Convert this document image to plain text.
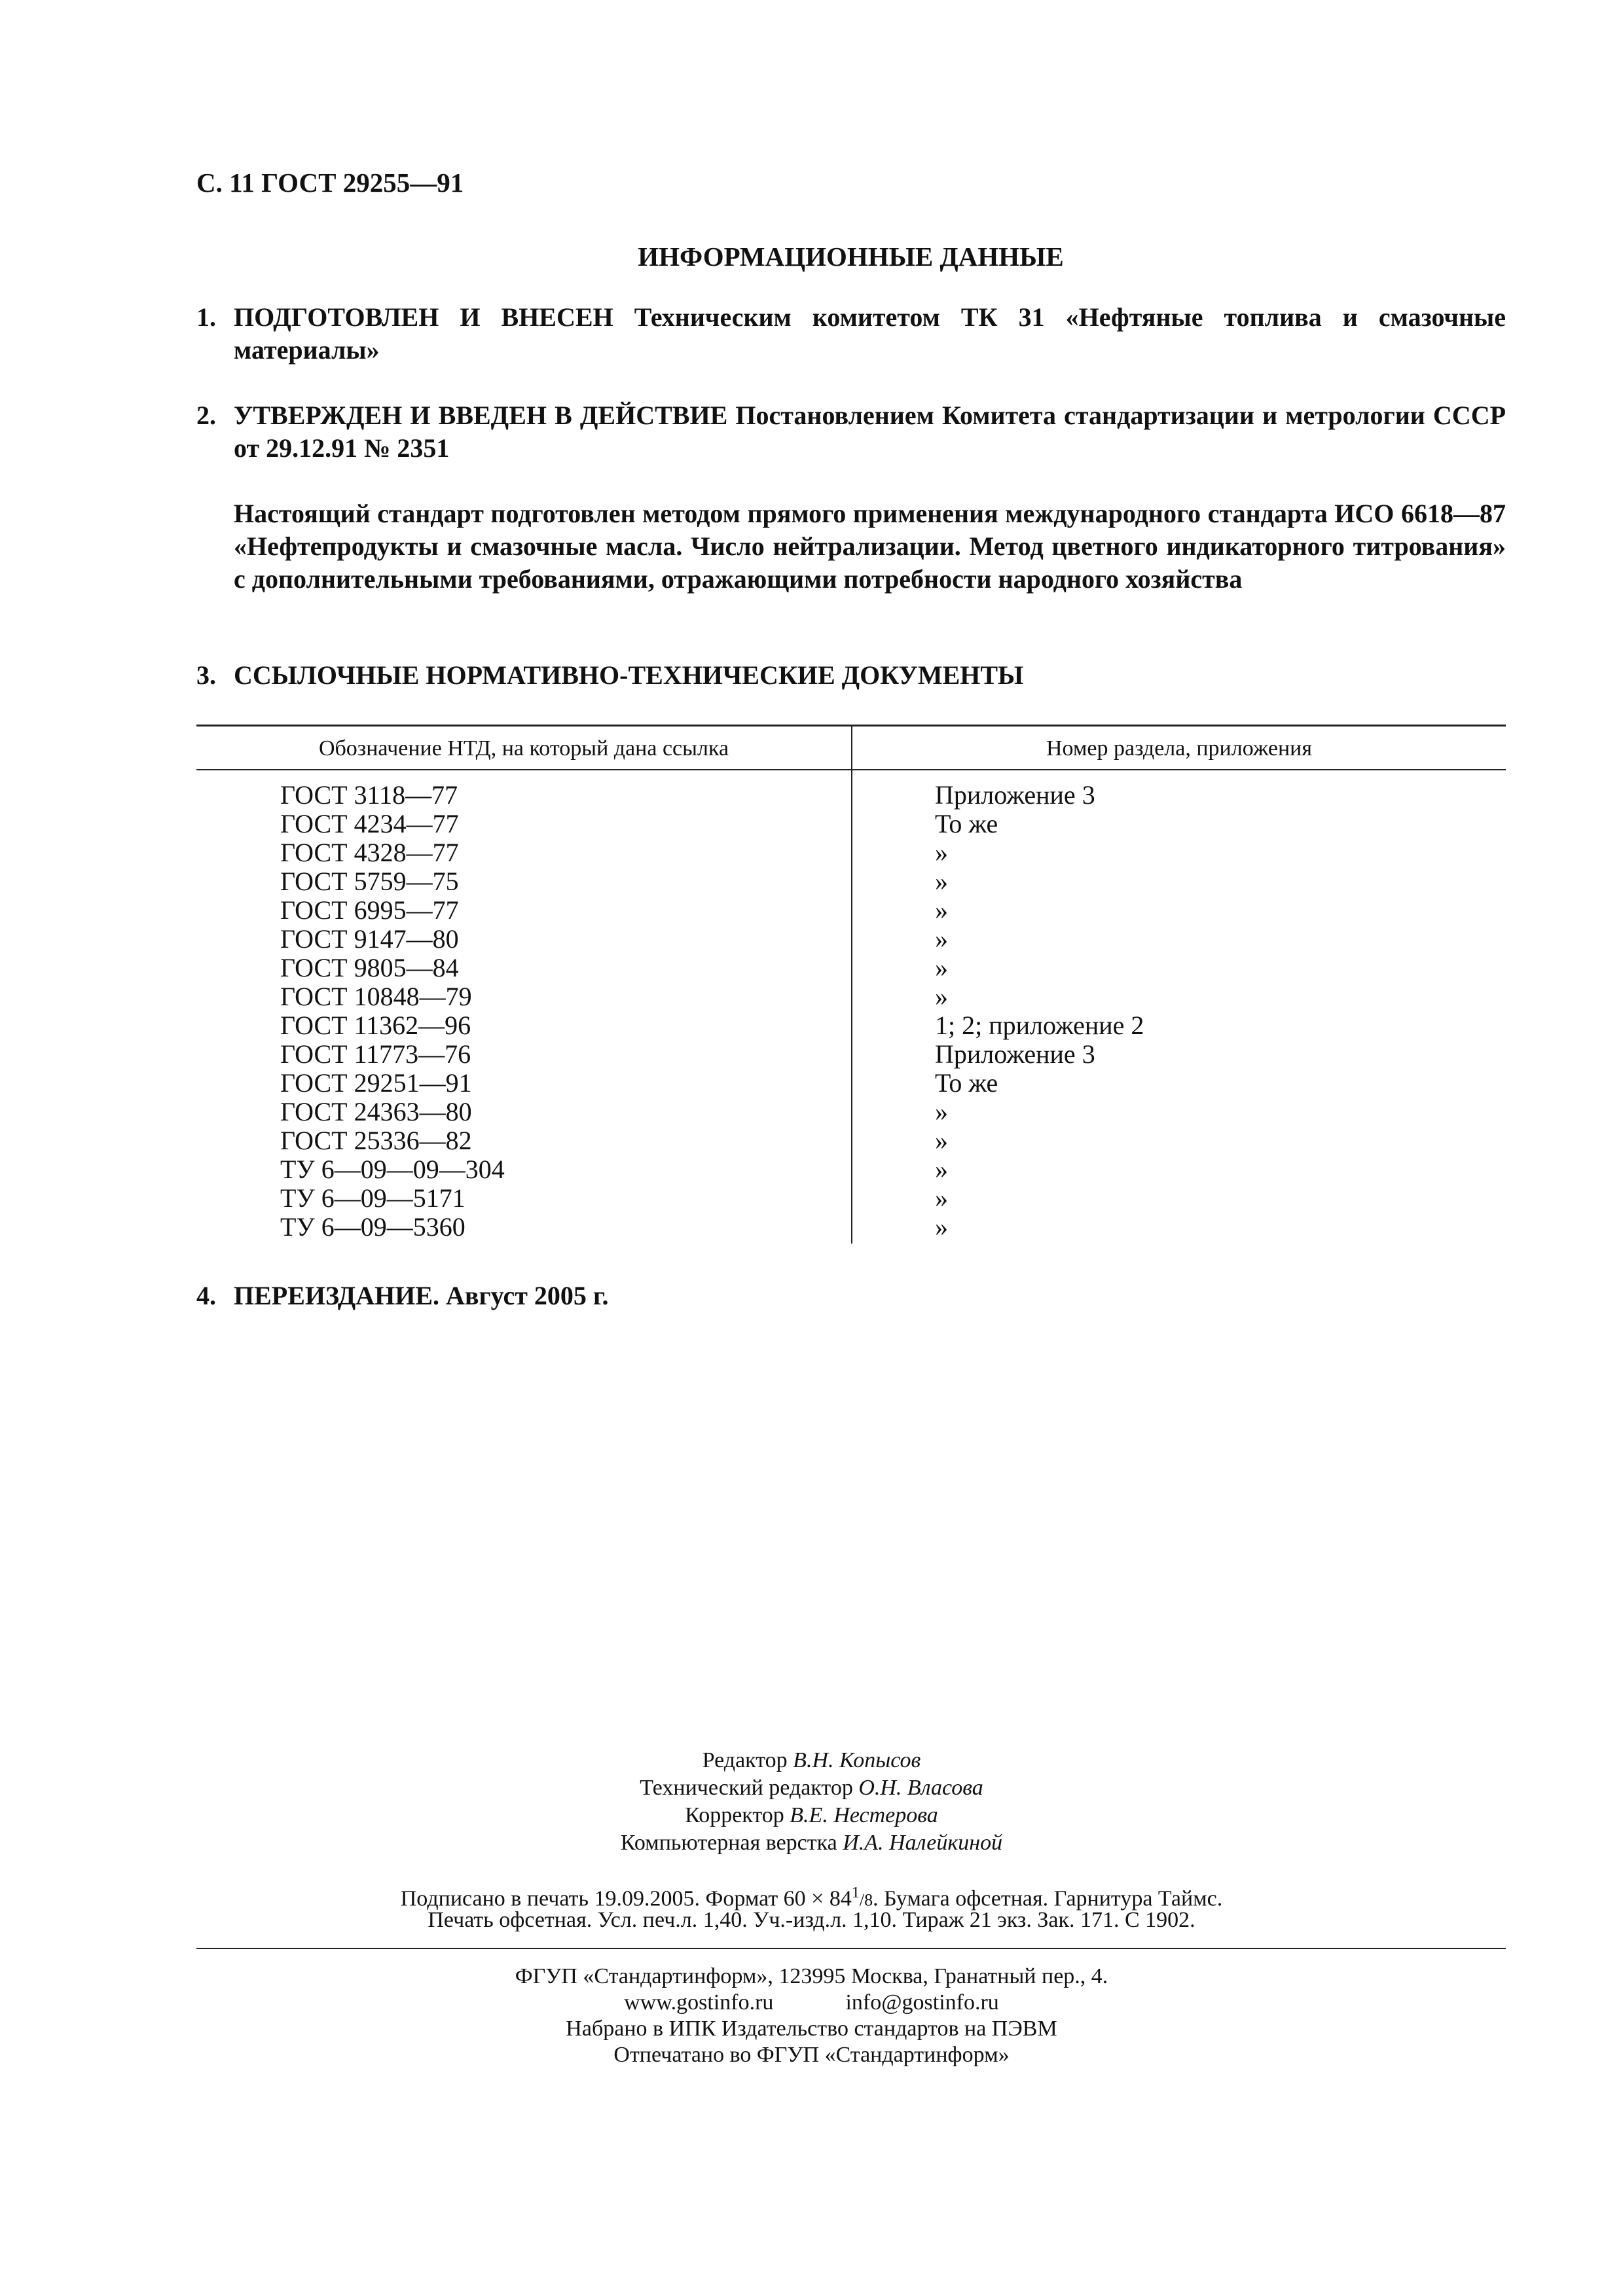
С. 11 ГОСТ 29255—91
ИНФОРМАЦИОННЫЕ ДАННЫЕ
1. ПОДГОТОВЛЕН И ВНЕСЕН Техническим комитетом ТК 31 «Нефтяные топлива и смазочные материалы»
2. УТВЕРЖДЕН И ВВЕДЕН В ДЕЙСТВИЕ Постановлением Комитета стандартизации и метрологии СССР от 29.12.91 № 2351
Настоящий стандарт подготовлен методом прямого применения международного стандарта ИСО 6618—87 «Нефтепродукты и смазочные масла. Число нейтрализации. Метод цветного индикаторного титрования» с дополнительными требованиями, отражающими потребности народного хозяйства
3. ССЫЛОЧНЫЕ НОРМАТИВНО-ТЕХНИЧЕСКИЕ ДОКУМЕНТЫ
Обозначение НТД, на который дана ссылка	Номер раздела, приложения
ГОСТ 3118—77	Приложение 3
ГОСТ 4234—77	То же
ГОСТ 4328—77	»
ГОСТ 5759—75	»
ГОСТ 6995—77	»
ГОСТ 9147—80	»
ГОСТ 9805—84	»
ГОСТ 10848—79	»
ГОСТ 11362—96	1; 2; приложение 2
ГОСТ 11773—76	Приложение 3
ГОСТ 29251—91	То же
ГОСТ 24363—80	»
ГОСТ 25336—82	»
ТУ 6—09—09—304	»
ТУ 6—09—5171	»
ТУ 6—09—5360	»
4. ПЕРЕИЗДАНИЕ. Август 2005 г.
Редактор В.Н. Копысов
Технический редактор О.Н. Власова
Корректор В.Е. Нестерова
Компьютерная верстка И.А. Налейкиной
Подписано в печать 19.09.2005. Формат $60 \times 84^1/8$. Бумага офсетная. Гарнитура Таймс.
Печать офсетная. Усл. печ.л. 1,40. Уч.-изд.л. 1,10. Тираж 21 экз. Зак. 171. С 1902.
ФГУП «Стандартинформ», 123995 Москва, Гранатный пер., 4.
www.gostinfo.ru	info@gostinfo.ru
Набрано в ИПК Издательство стандартов на ПЭВМ
Отпечатано во ФГУП «Стандартинформ»
